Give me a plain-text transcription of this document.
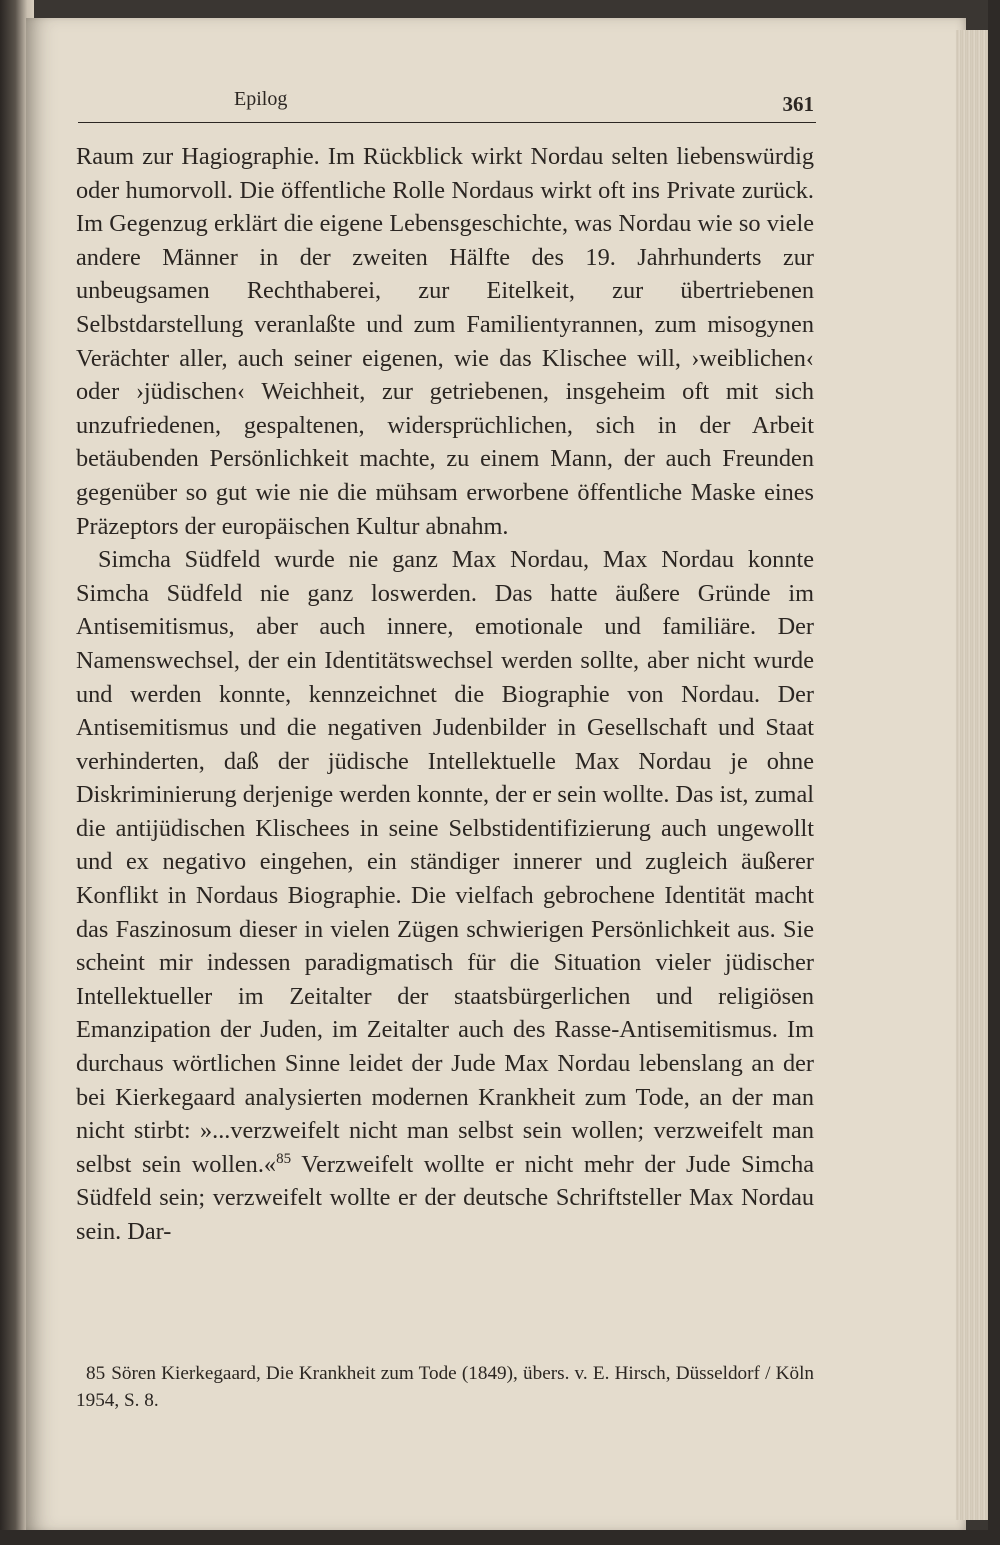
Epilog	361

Raum zur Hagiographie. Im Rückblick wirkt Nordau selten liebenswürdig oder humorvoll. Die öffentliche Rolle Nordaus wirkt oft ins Private zurück. Im Gegenzug erklärt die eigene Lebensgeschichte, was Nordau wie so viele andere Männer in der zweiten Hälfte des 19. Jahrhunderts zur unbeugsamen Rechthaberei, zur Eitelkeit, zur übertriebenen Selbstdarstellung veranlaßte und zum Familientyrannen, zum misogynen Verächter aller, auch seiner eigenen, wie das Klischee will, ›weiblichen‹ oder ›jüdischen‹ Weichheit, zur getriebenen, insgeheim oft mit sich unzufriedenen, gespaltenen, widersprüchlichen, sich in der Arbeit betäubenden Persönlichkeit machte, zu einem Mann, der auch Freunden gegenüber so gut wie nie die mühsam erworbene öffentliche Maske eines Präzeptors der europäischen Kultur abnahm.

Simcha Südfeld wurde nie ganz Max Nordau, Max Nordau konnte Simcha Südfeld nie ganz loswerden. Das hatte äußere Gründe im Antisemitismus, aber auch innere, emotionale und familiäre. Der Namenswechsel, der ein Identitätswechsel werden sollte, aber nicht wurde und werden konnte, kennzeichnet die Biographie von Nordau. Der Antisemitismus und die negativen Judenbilder in Gesellschaft und Staat verhinderten, daß der jüdische Intellektuelle Max Nordau je ohne Diskriminierung derjenige werden konnte, der er sein wollte. Das ist, zumal die antijüdischen Klischees in seine Selbstidentifizierung auch ungewollt und ex negativo eingehen, ein ständiger innerer und zugleich äußerer Konflikt in Nordaus Biographie. Die vielfach gebrochene Identität macht das Faszinosum dieser in vielen Zügen schwierigen Persönlichkeit aus. Sie scheint mir indessen paradigmatisch für die Situation vieler jüdischer Intellektueller im Zeitalter der staatsbürgerlichen und religiösen Emanzipation der Juden, im Zeitalter auch des Rasse-Antisemitismus. Im durchaus wörtlichen Sinne leidet der Jude Max Nordau lebenslang an der bei Kierkegaard analysierten modernen Krankheit zum Tode, an der man nicht stirbt: »...verzweifelt nicht man selbst sein wollen; verzweifelt man selbst sein wollen.«$^{85}$ Verzweifelt wollte er nicht mehr der Jude Simcha Südfeld sein; verzweifelt wollte er der deutsche Schriftsteller Max Nordau sein. Dar-

85 Sören Kierkegaard, Die Krankheit zum Tode (1849), übers. v. E. Hirsch, Düsseldorf / Köln 1954, S. 8.
